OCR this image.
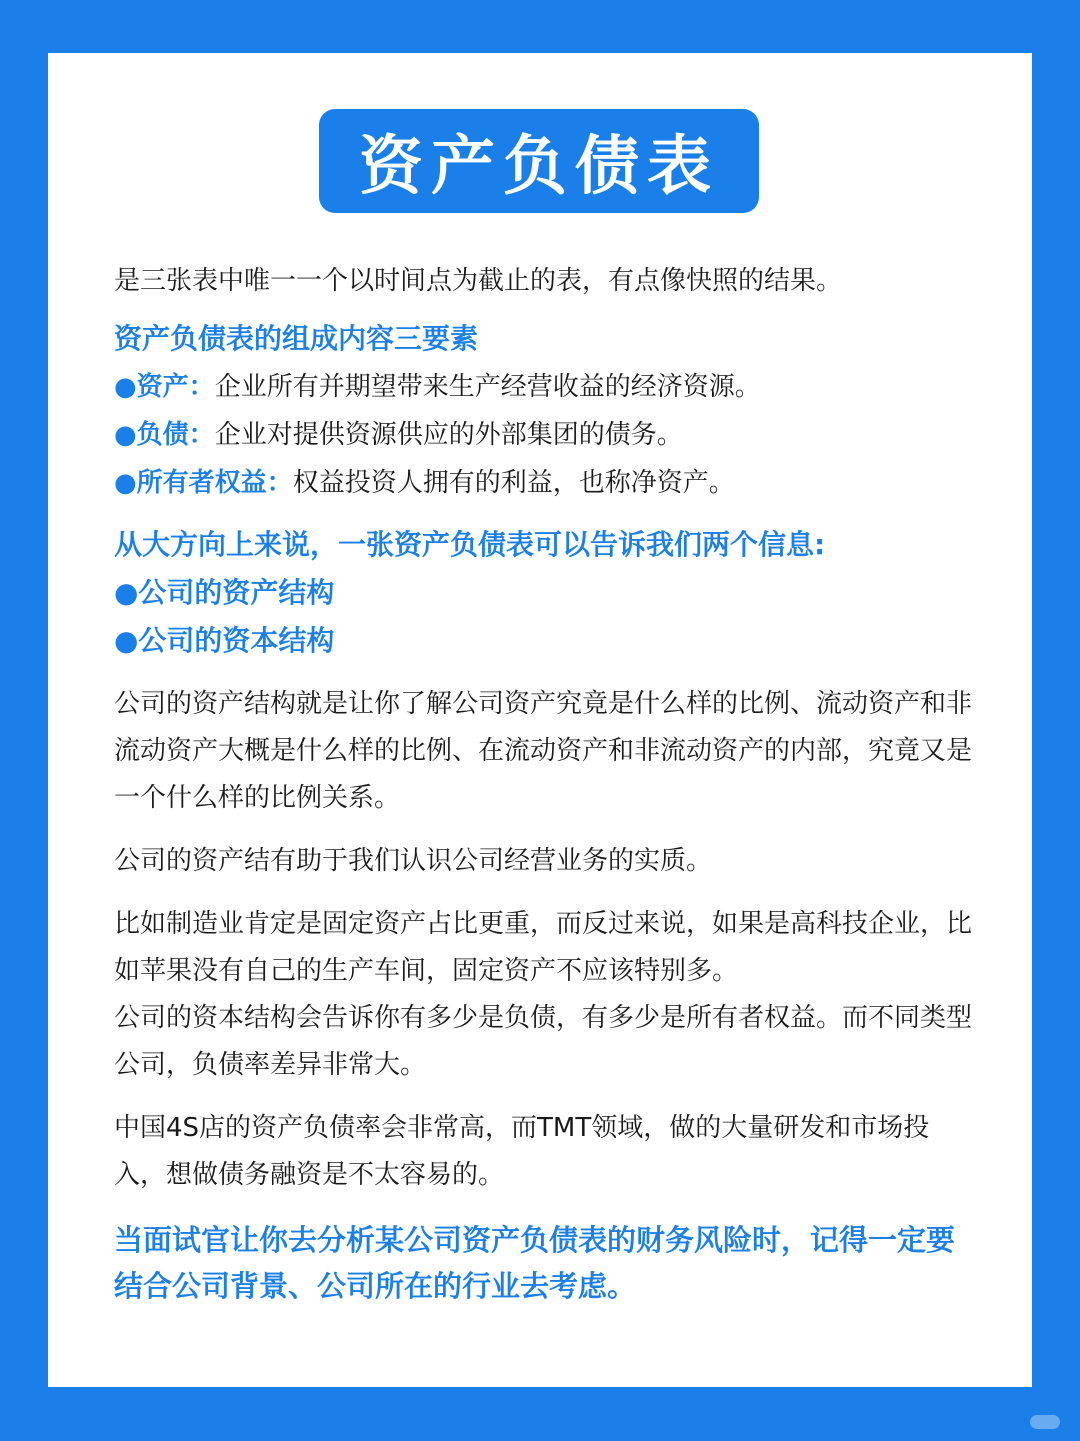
资产负债表

是三张表中唯一一个以时间点为截止的表，有点像快照的结果。

资产负债表的组成内容三要素

●资产：企业所有并期望带来生产经营收益的经济资源。

●负债：企业对提供资源供应的外部集团的债务。

●所有者权益：权益投资人拥有的利益，也称净资产。

从大方向上来说，一张资产负债表可以告诉我们两个信息:

●公司的资产结构

●公司的资本结构

公司的资产结构就是让你了解公司资产究竟是什么样的比例、流动资产和非流动资产大概是什么样的比例、在流动资产和非流动资产的内部，究竟又是一个什么样的比例关系。

公司的资产结有助于我们认识公司经营业务的实质。

比如制造业肯定是固定资产占比更重，而反过来说，如果是高科技企业，比如苹果没有自己的生产车间，固定资产不应该特别多。

公司的资本结构会告诉你有多少是负债，有多少是所有者权益。而不同类型公司，负债率差异非常大。

中国4S店的资产负债率会非常高，而TMT领域，做的大量研发和市场投入，想做债务融资是不太容易的。

当面试官让你去分析某公司资产负债表的财务风险时，记得一定要结合公司背景、公司所在的行业去考虑。
